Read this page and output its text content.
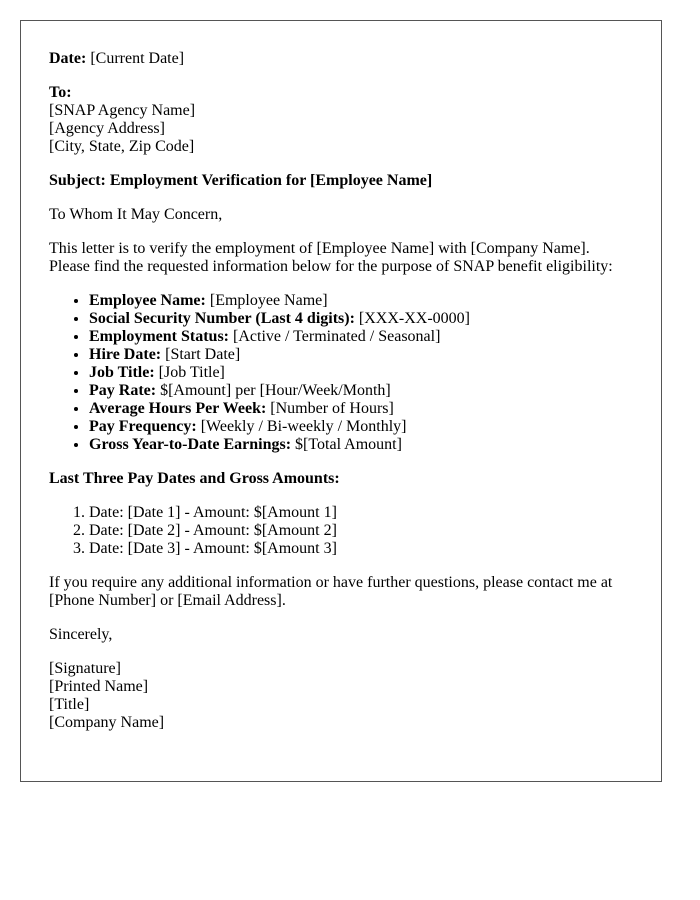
Date: [Current Date]
To:
[SNAP Agency Name]
[Agency Address]
[City, State, Zip Code]
Subject: Employment Verification for [Employee Name]
To Whom It May Concern,
This letter is to verify the employment of [Employee Name] with [Company Name].
Please find the requested information below for the purpose of SNAP benefit eligibility:
• Employee Name: [Employee Name]
• Social Security Number (Last 4 digits): [XXX-XX-0000]
• Employment Status: [Active / Terminated / Seasonal]
• Hire Date: [Start Date]
• Job Title: [Job Title]
• Pay Rate: $[Amount] per [Hour/Week/Month]
• Average Hours Per Week: [Number of Hours]
• Pay Frequency: [Weekly / Bi-weekly / Monthly]
• Gross Year-to-Date Earnings: $[Total Amount]
Last Three Pay Dates and Gross Amounts:
1. Date: [Date 1] - Amount: $[Amount 1]
2. Date: [Date 2] - Amount: $[Amount 2]
3. Date: [Date 3] - Amount: $[Amount 3]
If you require any additional information or have further questions, please contact me at
[Phone Number] or [Email Address].
Sincerely,
[Signature]
[Printed Name]
[Title]
[Company Name]
